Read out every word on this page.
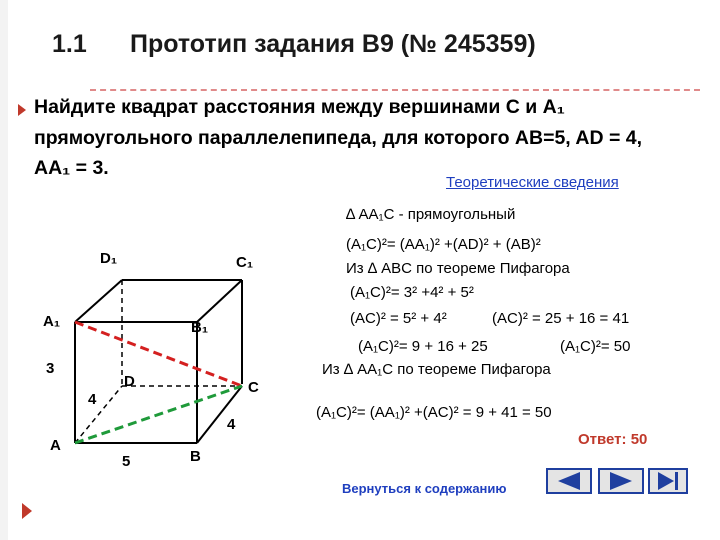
1.1 Прототип задания B9 (№ 245359)
Найдите квадрат расстояния между вершинами C и A₁
прямоугольного параллелепипеда, для которого AB=5, AD = 4,
AA₁ = 3.
Теоретические сведения
D₁	C₁
A₁	B₁
3
D	C
4
4
A
B
5
∆ AA₁C - прямоугольный
(A₁C)²= (AA₁)² +(AD)² + (AB)²
Из ∆ ABC по теореме Пифагора
(A₁C)²= 3² +4² + 5²
(AC)² = 5² + 4²	(AC)² = 25 + 16 = 41
(A₁C)²= 9 + 16 + 25	(A₁C)²= 50
Из ∆ AA₁C по теореме Пифагора
(A₁C)²= (AA₁)² +(AC)² = 9 + 41 = 50
Ответ: 50
Вернуться к содержанию
